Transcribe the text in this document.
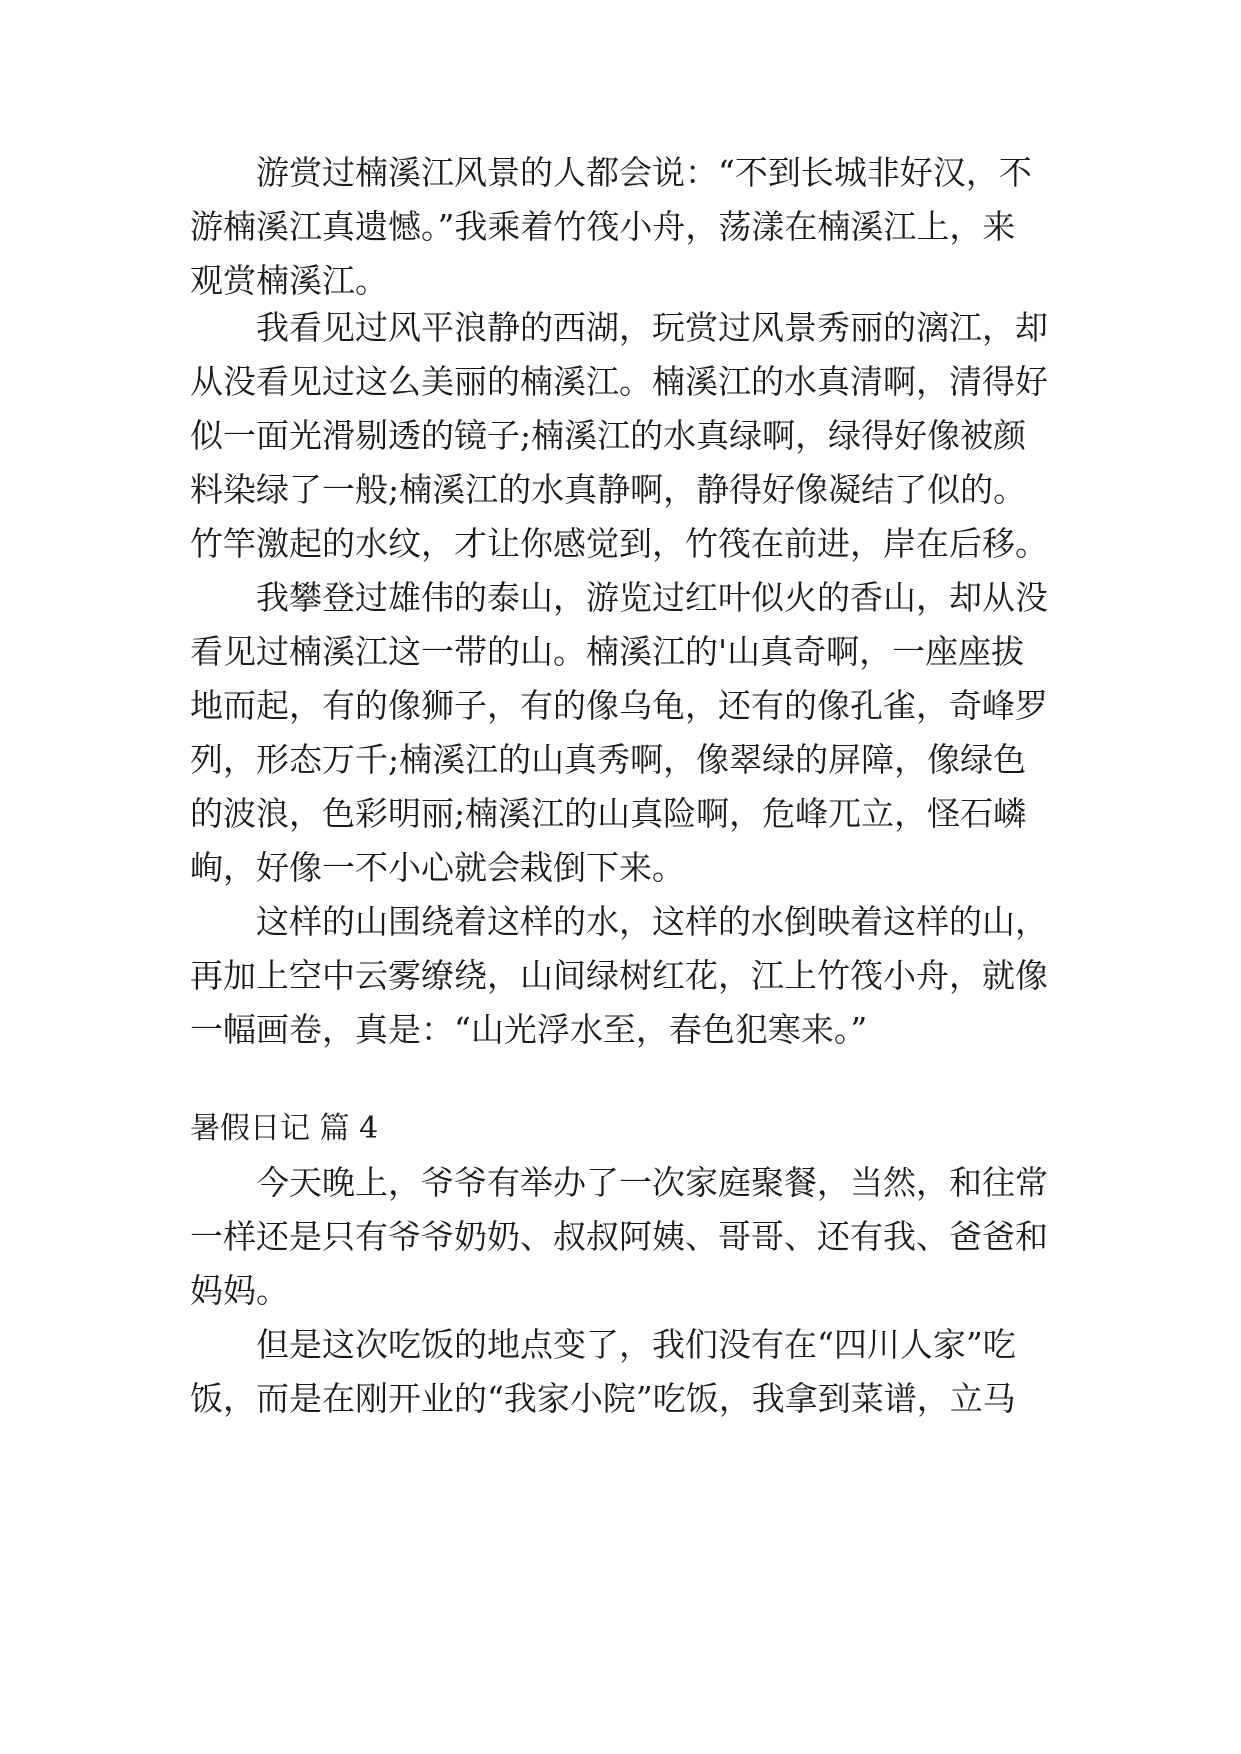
　　游赏过楠溪江风景的人都会说：“不到长城非好汉，不
游楠溪江真遗憾。”我乘着竹筏小舟，荡漾在楠溪江上，来
观赏楠溪江。
　　我看见过风平浪静的西湖，玩赏过风景秀丽的漓江，却
从没看见过这么美丽的楠溪江。楠溪江的水真清啊，清得好
似一面光滑剔透的镜子;楠溪江的水真绿啊，绿得好像被颜
料染绿了一般;楠溪江的水真静啊，静得好像凝结了似的。
竹竿激起的水纹，才让你感觉到，竹筏在前进，岸在后移。
　　我攀登过雄伟的泰山，游览过红叶似火的香山，却从没
看见过楠溪江这一带的山。楠溪江的'山真奇啊，一座座拔
地而起，有的像狮子，有的像乌龟，还有的像孔雀，奇峰罗
列，形态万千;楠溪江的山真秀啊，像翠绿的屏障，像绿色
的波浪，色彩明丽;楠溪江的山真险啊，危峰兀立，怪石嶙
峋，好像一不小心就会栽倒下来。
　　这样的山围绕着这样的水，这样的水倒映着这样的山，
再加上空中云雾缭绕，山间绿树红花，江上竹筏小舟，就像
一幅画卷，真是：“山光浮水至，春色犯寒来。”
暑假日记 篇 4
　　今天晚上，爷爷有举办了一次家庭聚餐，当然，和往常
一样还是只有爷爷奶奶、叔叔阿姨、哥哥、还有我、爸爸和
妈妈。
　　但是这次吃饭的地点变了，我们没有在“四川人家”吃
饭，而是在刚开业的“我家小院”吃饭，我拿到菜谱，立马
